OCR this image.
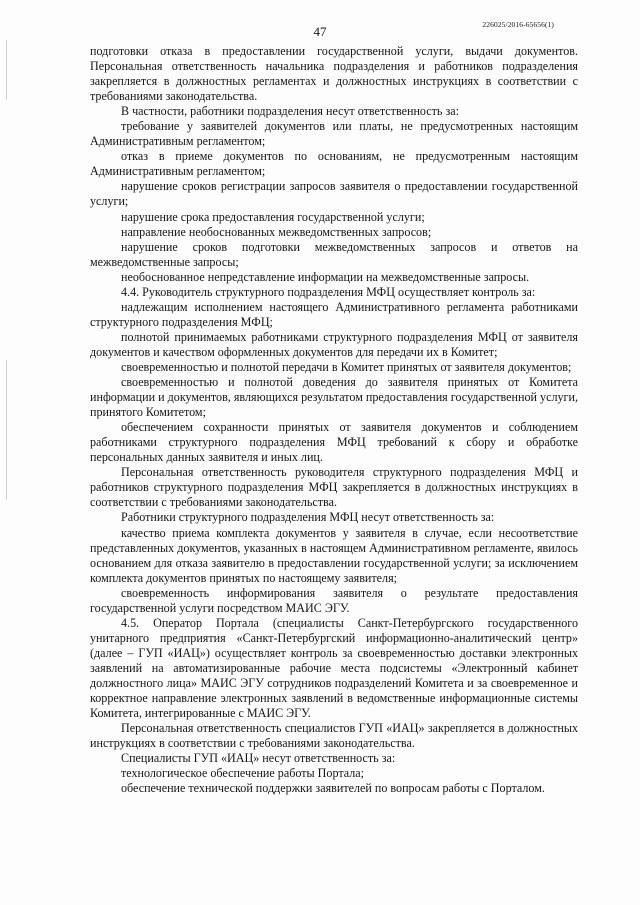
47	226025/2016-65656(1)

подготовки отказа в предоставлении государственной услуги, выдачи документов. Персональная ответственность начальника подразделения и работников подразделения закрепляется в должностных регламентах и должностных инструкциях в соответствии с требованиями законодательства.

В частности, работники подразделения несут ответственность за:

требование у заявителей документов или платы, не предусмотренных настоящим Административным регламентом;

отказ в приеме документов по основаниям, не предусмотренным настоящим Административным регламентом;

нарушение сроков регистрации запросов заявителя о предоставлении государственной услуги;

нарушение срока предоставления государственной услуги;

направление необоснованных межведомственных запросов;

нарушение сроков подготовки межведомственных запросов и ответов на межведомственные запросы;

необоснованное непредставление информации на межведомственные запросы.

4.4. Руководитель структурного подразделения МФЦ осуществляет контроль за:

надлежащим исполнением настоящего Административного регламента работниками структурного подразделения МФЦ;

полнотой принимаемых работниками структурного подразделения МФЦ от заявителя документов и качеством оформленных документов для передачи их в Комитет;

своевременностью и полнотой передачи в Комитет принятых от заявителя документов;

своевременностью и полнотой доведения до заявителя принятых от Комитета информации и документов, являющихся результатом предоставления государственной услуги, принятого Комитетом;

обеспечением сохранности принятых от заявителя документов и соблюдением работниками структурного подразделения МФЦ требований к сбору и обработке персональных данных заявителя и иных лиц.

Персональная ответственность руководителя структурного подразделения МФЦ и работников структурного подразделения МФЦ закрепляется в должностных инструкциях в соответствии с требованиями законодательства.

Работники структурного подразделения МФЦ несут ответственность за:

качество приема комплекта документов у заявителя в случае, если несоответствие представленных документов, указанных в настоящем Административном регламенте, явилось основанием для отказа заявителю в предоставлении государственной услуги; за исключением комплекта документов принятых по настоящему заявителя;

своевременность информирования заявителя о результате предоставления государственной услуги посредством МАИС ЭГУ.

4.5. Оператор Портала (специалисты Санкт-Петербургского государственного унитарного предприятия «Санкт-Петербургский информационно-аналитический центр» (далее – ГУП «ИАЦ») осуществляет контроль за своевременностью доставки электронных заявлений на автоматизированные рабочие места подсистемы «Электронный кабинет должностного лица» МАИС ЭГУ сотрудников подразделений Комитета и за своевременное и корректное направление электронных заявлений в ведомственные информационные системы Комитета, интегрированные с МАИС ЭГУ.

Персональная ответственность специалистов ГУП «ИАЦ» закрепляется в должностных инструкциях в соответствии с требованиями законодательства.

Специалисты ГУП «ИАЦ» несут ответственность за:

технологическое обеспечение работы Портала;

обеспечение технической поддержки заявителей по вопросам работы с Порталом.
